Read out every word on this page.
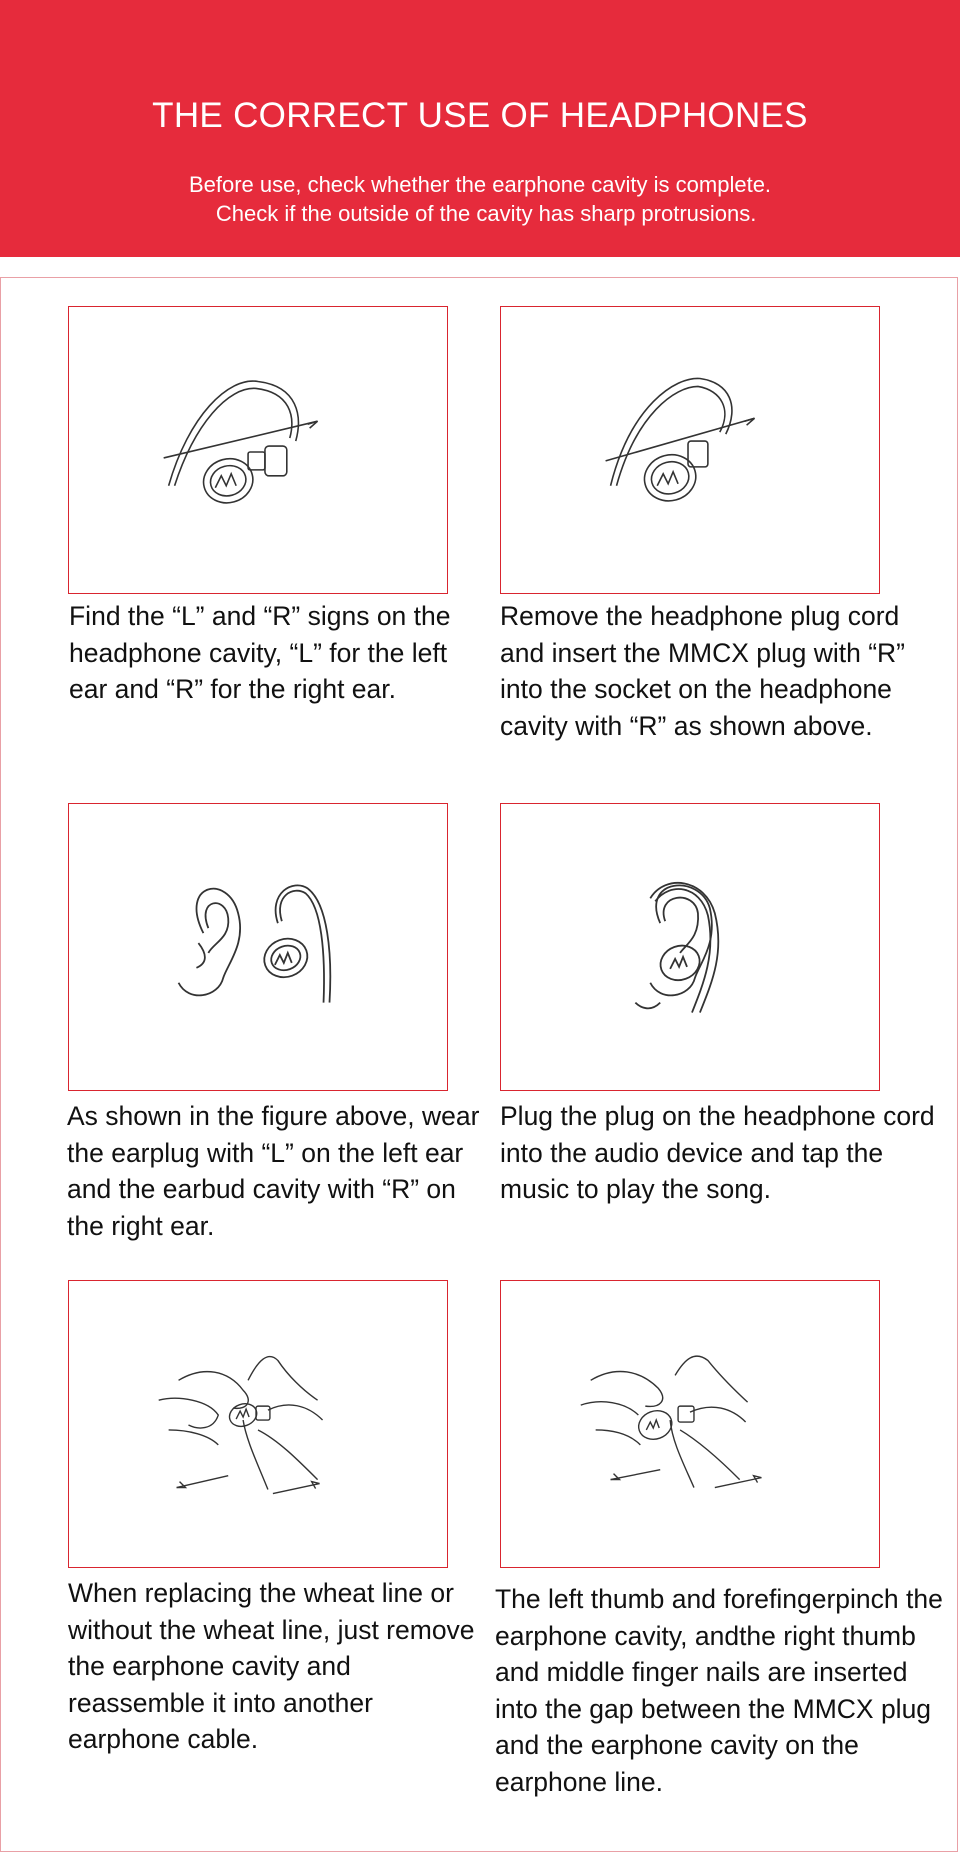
THE CORRECT USE OF HEADPHONES
Before use, check whether the earphone cavity is complete.
Check if the outside of the cavity has sharp protrusions.
Find the “L” and “R” signs on the headphone cavity, “L” for the left ear and “R” for the right ear.
Remove the headphone plug cord and insert the MMCX plug with “R” into the socket on the headphone cavity with “R” as shown above.
As shown in the figure above, wear the earplug with “L” on the left ear and the earbud cavity with “R” on the right ear.
Plug the plug on the headphone cord into the audio device and tap the music to play the song.
When replacing the wheat line or without the wheat line, just remove the earphone cavity and reassemble it into another earphone cable.
The left thumb and forefingerpinch the earphone cavity, andthe right thumb and middle finger nails are inserted into the gap between the MMCX plug and the earphone cavity on the earphone line.
